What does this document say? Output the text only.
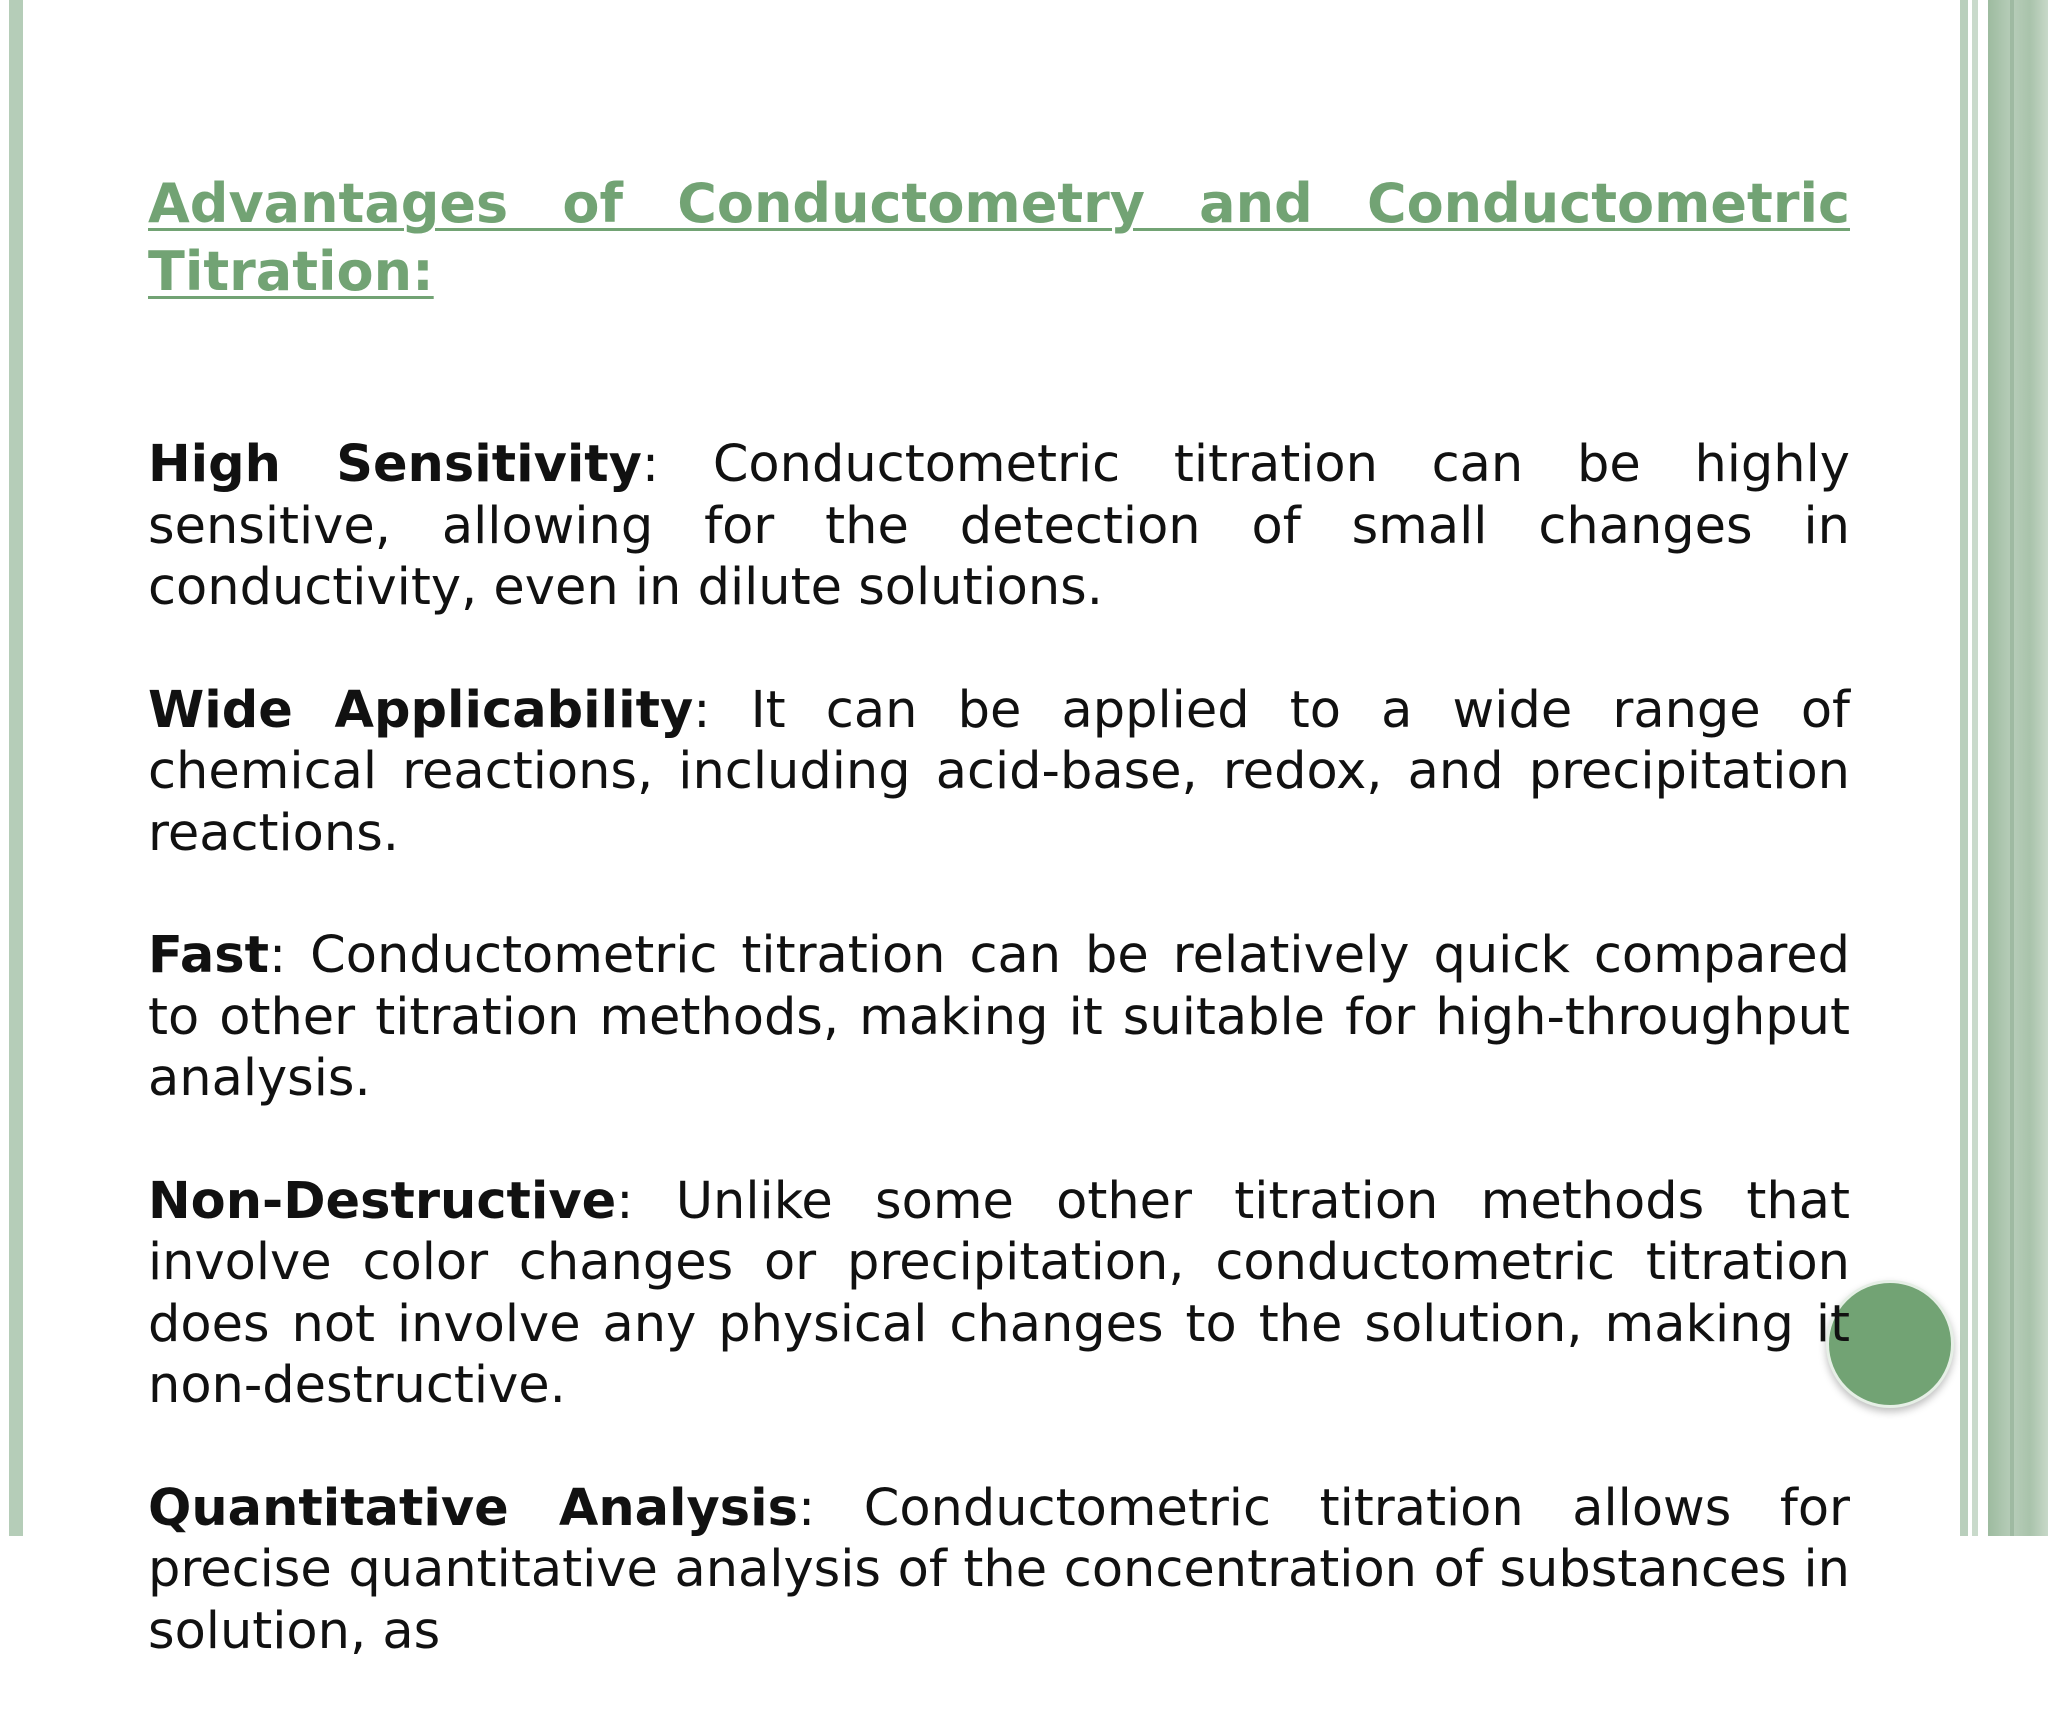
Advantages of Conductometry and Conductometric Titration:

High Sensitivity: Conductometric titration can be highly sensitive, allowing for the detection of small changes in conductivity, even in dilute solutions.

Wide Applicability: It can be applied to a wide range of chemical reactions, including acid-base, redox, and precipitation reactions.

Fast: Conductometric titration can be relatively quick compared to other titration methods, making it suitable for high-throughput analysis.

Non-Destructive: Unlike some other titration methods that involve color changes or precipitation, conductometric titration does not involve any physical changes to the solution, making it non-destructive.

Quantitative Analysis: Conductometric titration allows for precise quantitative analysis of the concentration of substances in solution, as
